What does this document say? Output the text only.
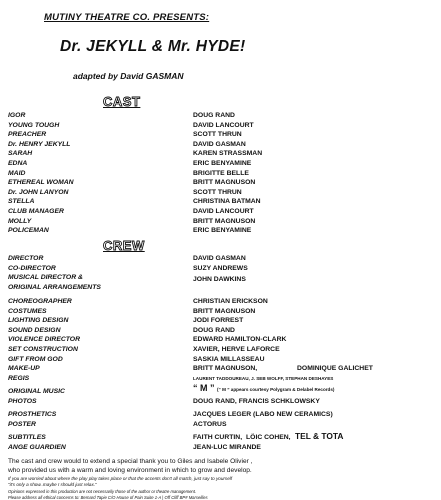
MUTINY THEATRE CO. PRESENTS:
Dr. JEKYLL & Mr. HYDE!
adapted by David GASMAN
CAST
IGOR	DOUG RAND
YOUNG TOUGH	DAVID LANCOURT
PREACHER	SCOTT THRUN
Dr. HENRY JEKYLL	DAVID GASMAN
SARAH	KAREN STRASSMAN
EDNA	ERIC BENYAMINE
MAID	BRIGITTE BELLE
ETHEREAL WOMAN	BRITT MAGNUSON
Dr. JOHN LANYON	SCOTT THRUN
STELLA	CHRISTINA BATMAN
CLUB MANAGER	DAVID LANCOURT
MOLLY	BRITT MAGNUSON
POLICEMAN	ERIC BENYAMINE
CREW
DIRECTOR	DAVID GASMAN
CO-DIRECTOR	SUZY ANDREWS
MUSICAL DIRECTOR &
ORIGINAL ARRANGEMENTS
JOHN DAWKINS
CHOREOGRAPHER	CHRISTIAN ERICKSON
COSTUMES	BRITT MAGNUSON
LIGHTING DESIGN	JODI FORREST
SOUND DESIGN	DOUG RAND
VIOLENCE DIRECTOR	EDWARD HAMILTON-CLARK
SET CONSTRUCTION	XAVIER, HERVE LAFORCE
GIFT FROM GOD	SASKIA MILLASSEAU
MAKE-UP	BRITT MAGNUSON,	DOMINIQUE GALICHET
REGIS	LAURENT TADDOUREAU, J. SEB WOLFF, STEPHAN DESHAYES
ORIGINAL MUSIC	“ M ” (“ M ” appears courtesy Polygram & Delabel Records)
PHOTOS	DOUG RAND, FRANCIS SCHKLOWSKY
PROSTHETICS	JACQUES LEGER (LABO NEW CERAMICS)
POSTER	ACTORUS
SUBTITLES	FAITH CURTIN, LÖIC COHEN, TEL & TOTA
ANGE GUARDIEN	JEAN-LUC MIRANDE
The cast and crew would to extend a special thank you to Giles and Isabele Olivier ,
who provided us with a warm and loving environment in which to grow and develop.
If you are worried about where the play play takes place or that the accents don't all match, just say to yourself
"it's only a show..maybe I should just relax."
Opinions expressed in this production are not necessarily those of the author or theatre management.
Please address all ethical concerns to: Bernard Tapie C/O House of Pain Suite 1-A | Off Cliff BP# Marseilles
